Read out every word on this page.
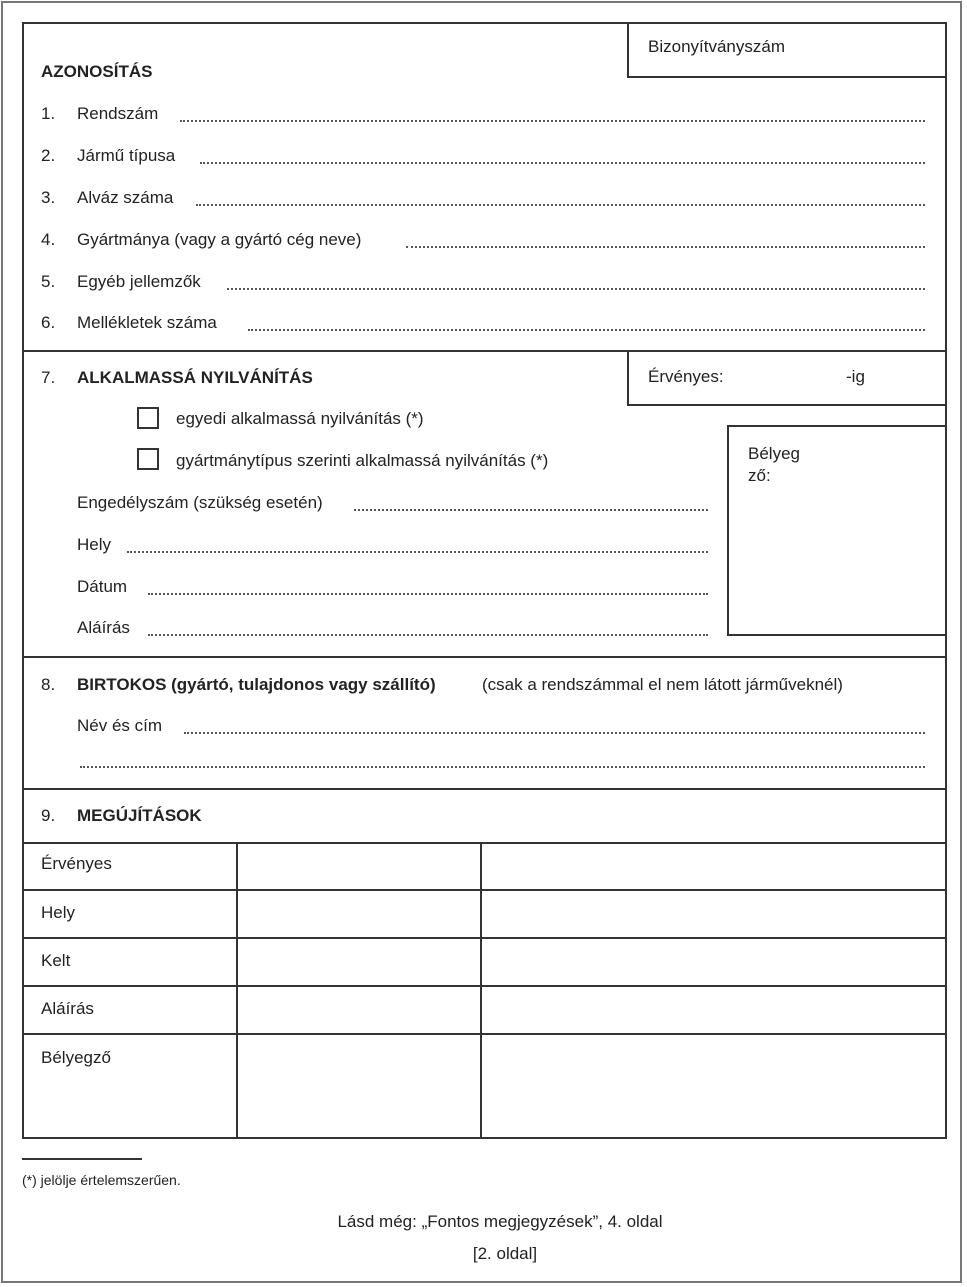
Bizonyítványszám
AZONOSÍTÁS
1. Rendszám
2. Jármű típusa
3. Alváz száma
4. Gyártmánya (vagy a gyártó cég neve)
5. Egyéb jellemzők
6. Mellékletek száma
Érvényes:	-ig
7. ALKALMASSÁ NYILVÁNÍTÁS
egyedi alkalmassá nyilvánítás (*)
gyártmánytípus szerinti alkalmassá nyilvánítás (*)	Bélyeg
ző:
Engedélyszám (szükség esetén)
Hely
Dátum
Aláírás
8. BIRTOKOS (gyártó, tulajdonos vagy szállító)	(csak a rendszámmal el nem látott járműveknél)
Név és cím
9. MEGÚJÍTÁSOK
Érvényes
Hely
Kelt
Aláírás
Bélyegző
(*) jelölje értelemszerűen.
Lásd még: „Fontos megjegyzések”, 4. oldal
[2. oldal]
